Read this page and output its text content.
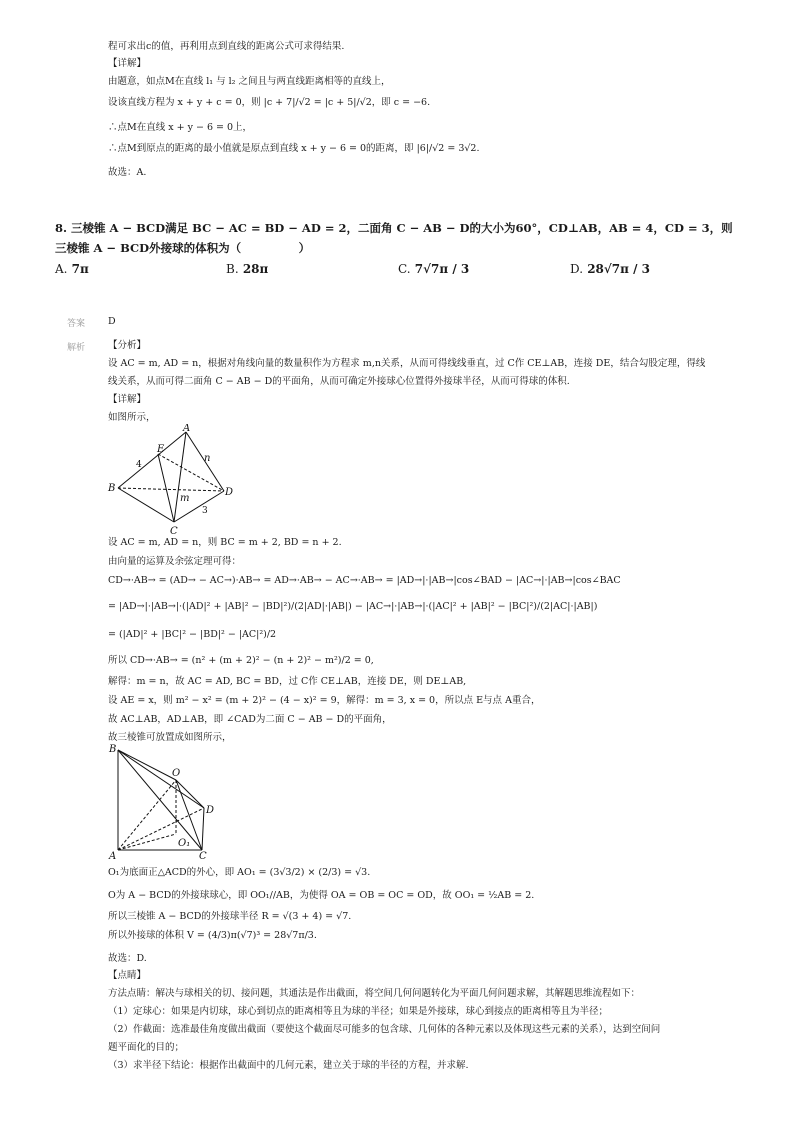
程可求出c的值，再利用点到直线的距离公式可求得结果.
【详解】
由题意，如点M在直线 l₁ 与 l₂ 之间且与两直线距离相等的直线上，
设该直线方程为 x + y + c = 0，则 |c + 7|/√2 = |c + 5|/√2，即 c = −6.
∴点M在直线 x + y − 6 = 0上，
∴点M到原点的距离的最小值就是原点到直线 x + y − 6 = 0的距离，即 |6|/√2 = 3√2.
故选：A.
8. 三棱锥 A − BCD满足 BC − AC = BD − AD = 2，二面角 C − AB − D的大小为60°，CD⊥AB，AB = 4，CD = 3，则
三棱锥 A − BCD外接球的体积为（　　　　　）
A. 7π	B. 28π	C. 7√7π / 3	D. 28√7π / 3
答案 D
解析 【分析】
设 AC = m, AD = n，根据对角线向量的数量积作为方程求 m,n关系，从而可得线线垂直，过 C作 CE⊥AB，连接 DE，结合勾股定理，得线
线关系，从而可得二面角 C − AB − D的平面角，从而可确定外接球心位置得外接球半径，从而可得球的体积.
【详解】
如图所示，
A
B
C
D
E
n
m
4
3
设 AC = m, AD = n，则 BC = m + 2, BD = n + 2.
由向量的运算及余弦定理可得：
CD→·AB→ = (AD→ − AC→)·AB→ = AD→·AB→ − AC→·AB→ = |AD→|·|AB→|cos∠BAD − |AC→|·|AB→|cos∠BAC
= |AD→|·|AB→|·(|AD|² + |AB|² − |BD|²)/(2|AD|·|AB|) − |AC→|·|AB→|·(|AC|² + |AB|² − |BC|²)/(2|AC|·|AB|)
= (|AD|² + |BC|² − |BD|² − |AC|²)/2
所以 CD→·AB→ = (n² + (m + 2)² − (n + 2)² − m²)/2 = 0,
解得：m = n，故 AC = AD, BC = BD，过 C作 CE⊥AB，连接 DE，则 DE⊥AB,
设 AE = x，则 m² − x² = (m + 2)² − (4 − x)² = 9，解得：m = 3, x = 0，所以点 E与点 A重合，
故 AC⊥AB，AD⊥AB，即 ∠CAD为二面 C − AB − D的平面角，
故三棱锥可放置成如图所示，
B
A	C
D
O
O₁
O₁为底面正△ACD的外心，即 AO₁ = (3√3/2) × (2/3) = √3.
O为 A − BCD的外接球球心，即 OO₁//AB，为使得 OA = OB = OC = OD，故 OO₁ = ½AB = 2.
所以三棱锥 A − BCD的外接球半径 R = √(3 + 4) = √7.
所以外接球的体积 V = (4/3)π(√7)³ = 28√7π/3.
故选：D.
【点睛】
方法点睛：解决与球相关的切、接问题，其通法是作出截面，将空间几何问题转化为平面几何问题求解，其解题思维流程如下：
（1）定球心：如果是内切球，球心到切点的距离相等且为球的半径；如果是外接球，球心到接点的距离相等且为半径；
（2）作截面：选准最佳角度做出截面（要使这个截面尽可能多的包含球、几何体的各种元素以及体现这些元素的关系），达到空间问
题平面化的目的；
（3）求半径下结论：根据作出截面中的几何元素，建立关于球的半径的方程，并求解.
